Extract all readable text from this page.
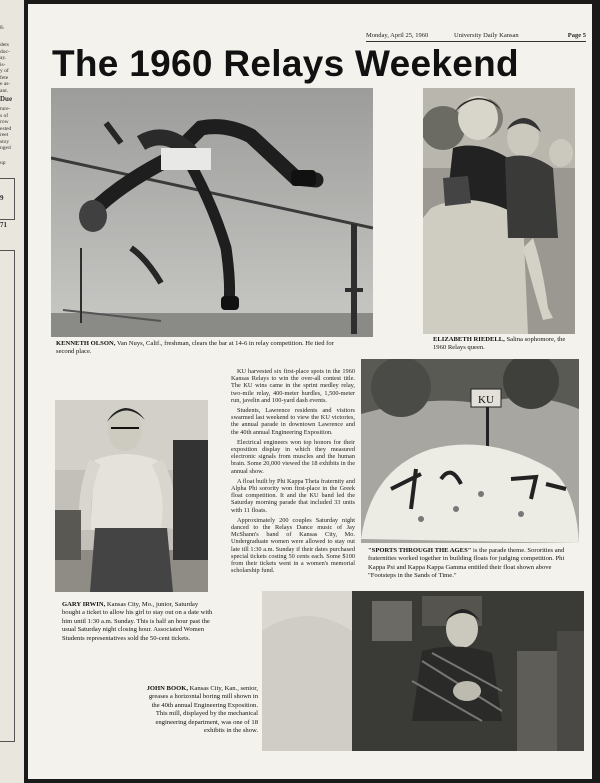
g,
dets
doc-
ay.
is-
y of
fete
e as-
ant.
Due
ture-
s of
row
ested
reet
stoy
nged
up
9
71
Monday, April 25, 1960	University Daily Kansan	Page 5
The 1960 Relays Weekend
KENNETH OLSON, Van Nuys, Calif., freshman, clears the bar at 14-6 in relay competition. He tied for second place.
ELIZABETH RIEDELL, Salina sophomore, the 1960 Relays queen.

KU harvested six first-place spots in the 1960 Kansas Relays to win the over-all contest title. The KU wins came in the sprint medley relay, two-mile relay, 400-meter hurdles, 1,500-meter run, javelin and 100-yard dash events.

Students, Lawrence residents and visitors swarmed last weekend to view the KU victories, the annual parade in downtown Lawrence and the 40th annual Engineering Exposition.

Electrical engineers won top honors for their exposition display in which they measured electronic signals from muscles and the human brain. Some 20,000 viewed the 18 exhibits in the annual show.

A float built by Phi Kappa Theta fraternity and Alpha Phi sorority won first-place in the Greek float competition. It and the KU band led the Saturday morning parade that included 33 units with 11 floats.

Approximately 200 couples Saturday night danced to the Relays Dance music of Jay McShann's band of Kansas City, Mo. Undergraduate women were allowed to stay out late till 1:30 a.m. Sunday if their dates purchased special tickets costing 50 cents each. Some $100 from their tickets went in a women's memorial scholarship fund.

KU
"SPORTS THROUGH THE AGES" is the parade theme. Sororities and fraternities worked together in building floats for judging competition. Phi Kappa Psi and Kappa Kappa Gamma entitled their float shown above "Footsteps in the Sands of Time."
GARY IRWIN, Kansas City, Mo., junior, Saturday bought a ticket to allow his girl to stay out on a date with him until 1:30 a.m. Sunday. This is half an hour past the usual Saturday night closing hour. Associated Women Students representatives sold the 50-cent tickets.
JOHN BOOK, Kansas City, Kan., senior, greases a horizontal boring mill shown in the 40th annual Engineering Exposition. This mill, displayed by the mechanical engineering department, was one of 18 exhibits in the show.
